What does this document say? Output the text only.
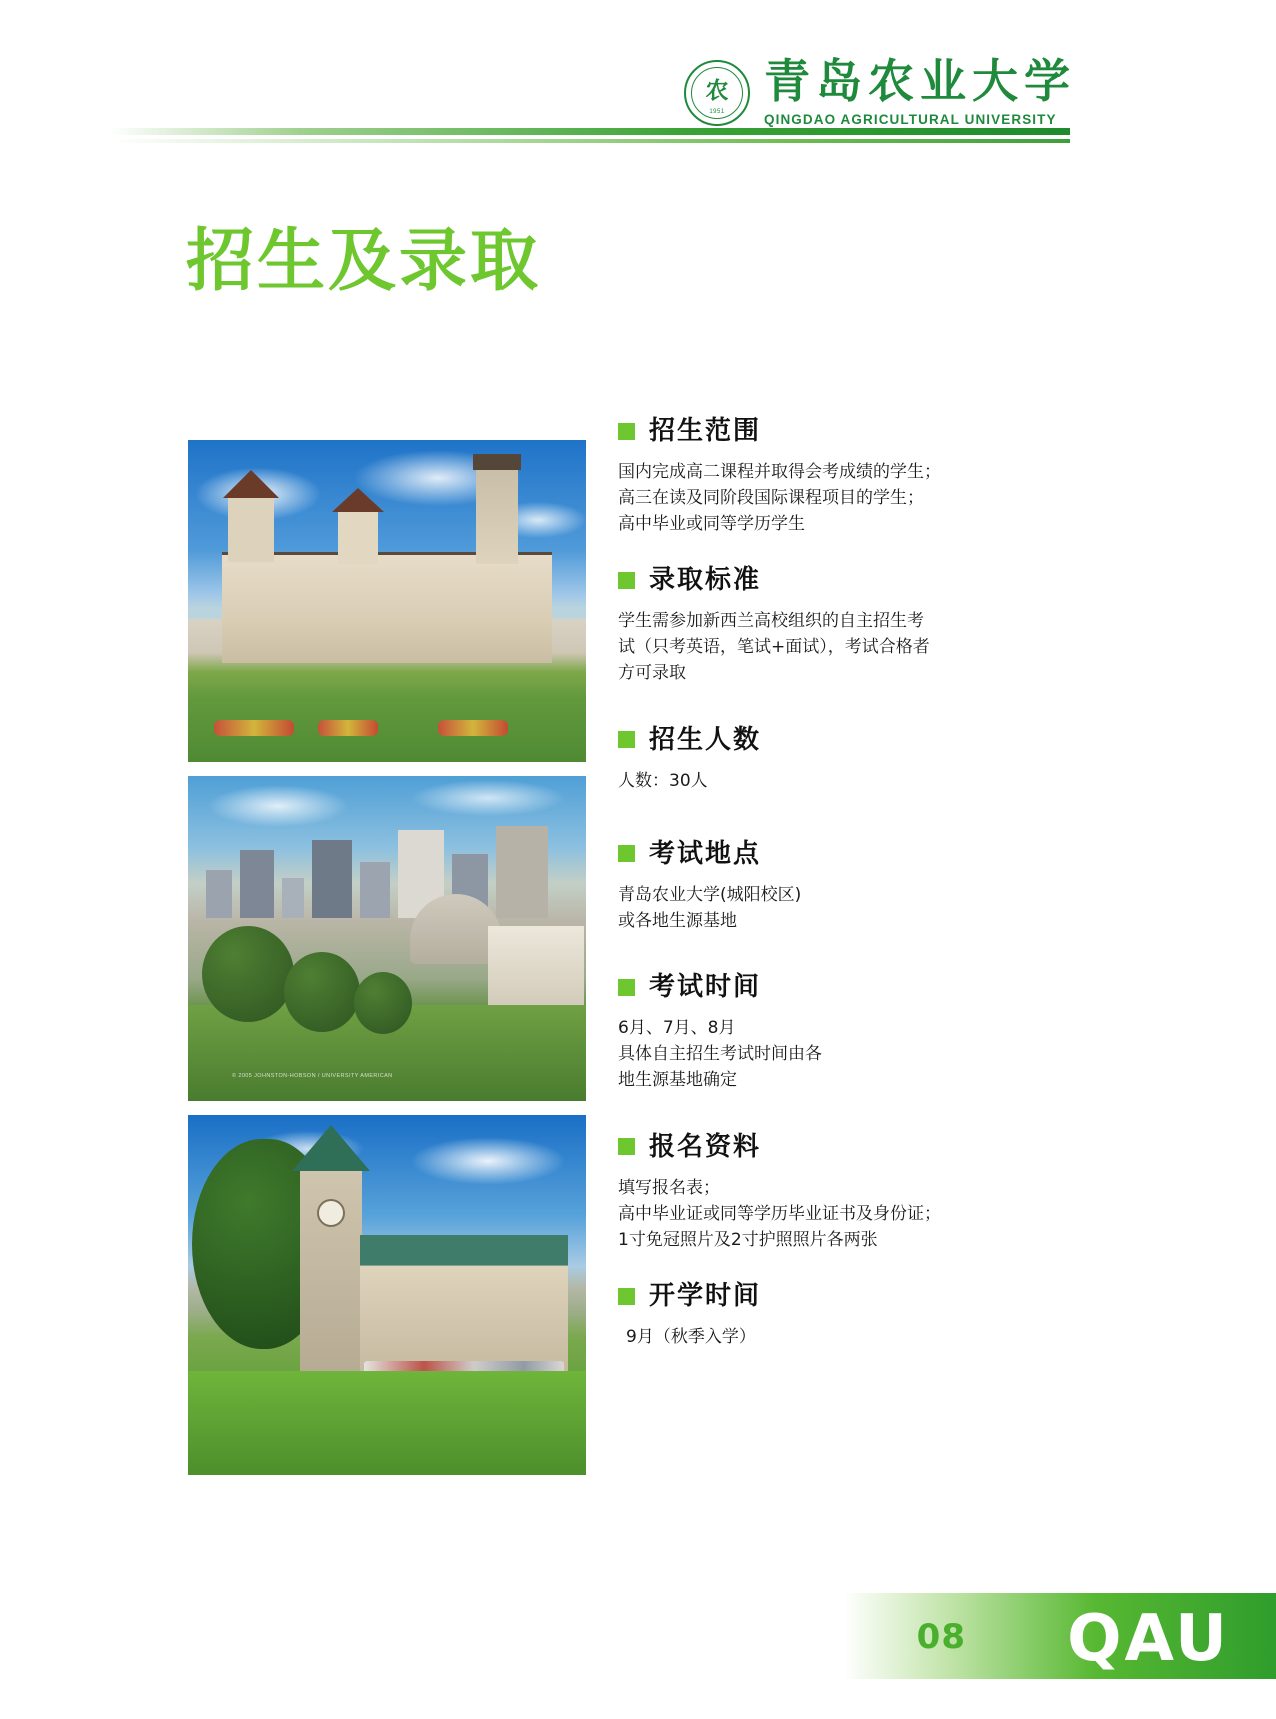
农
1951
青岛农业大学
QINGDAO AGRICULTURAL UNIVERSITY
招生及录取
© 2005 JOHNSTON-HOBSON / UNIVERSITY AMERICAN
招生范围
国内完成高二课程并取得会考成绩的学生；
高三在读及同阶段国际课程项目的学生；
高中毕业或同等学历学生
录取标准
学生需参加新西兰高校组织的自主招生考
试（只考英语，笔试+面试），考试合格者
方可录取
招生人数
人数：30人
考试地点
青岛农业大学(城阳校区)
或各地生源基地
考试时间
6月、7月、8月
具体自主招生考试时间由各
地生源基地确定
报名资料
填写报名表；
高中毕业证或同等学历毕业证书及身份证；
1寸免冠照片及2寸护照照片各两张
开学时间
9月（秋季入学）
08 QAU
